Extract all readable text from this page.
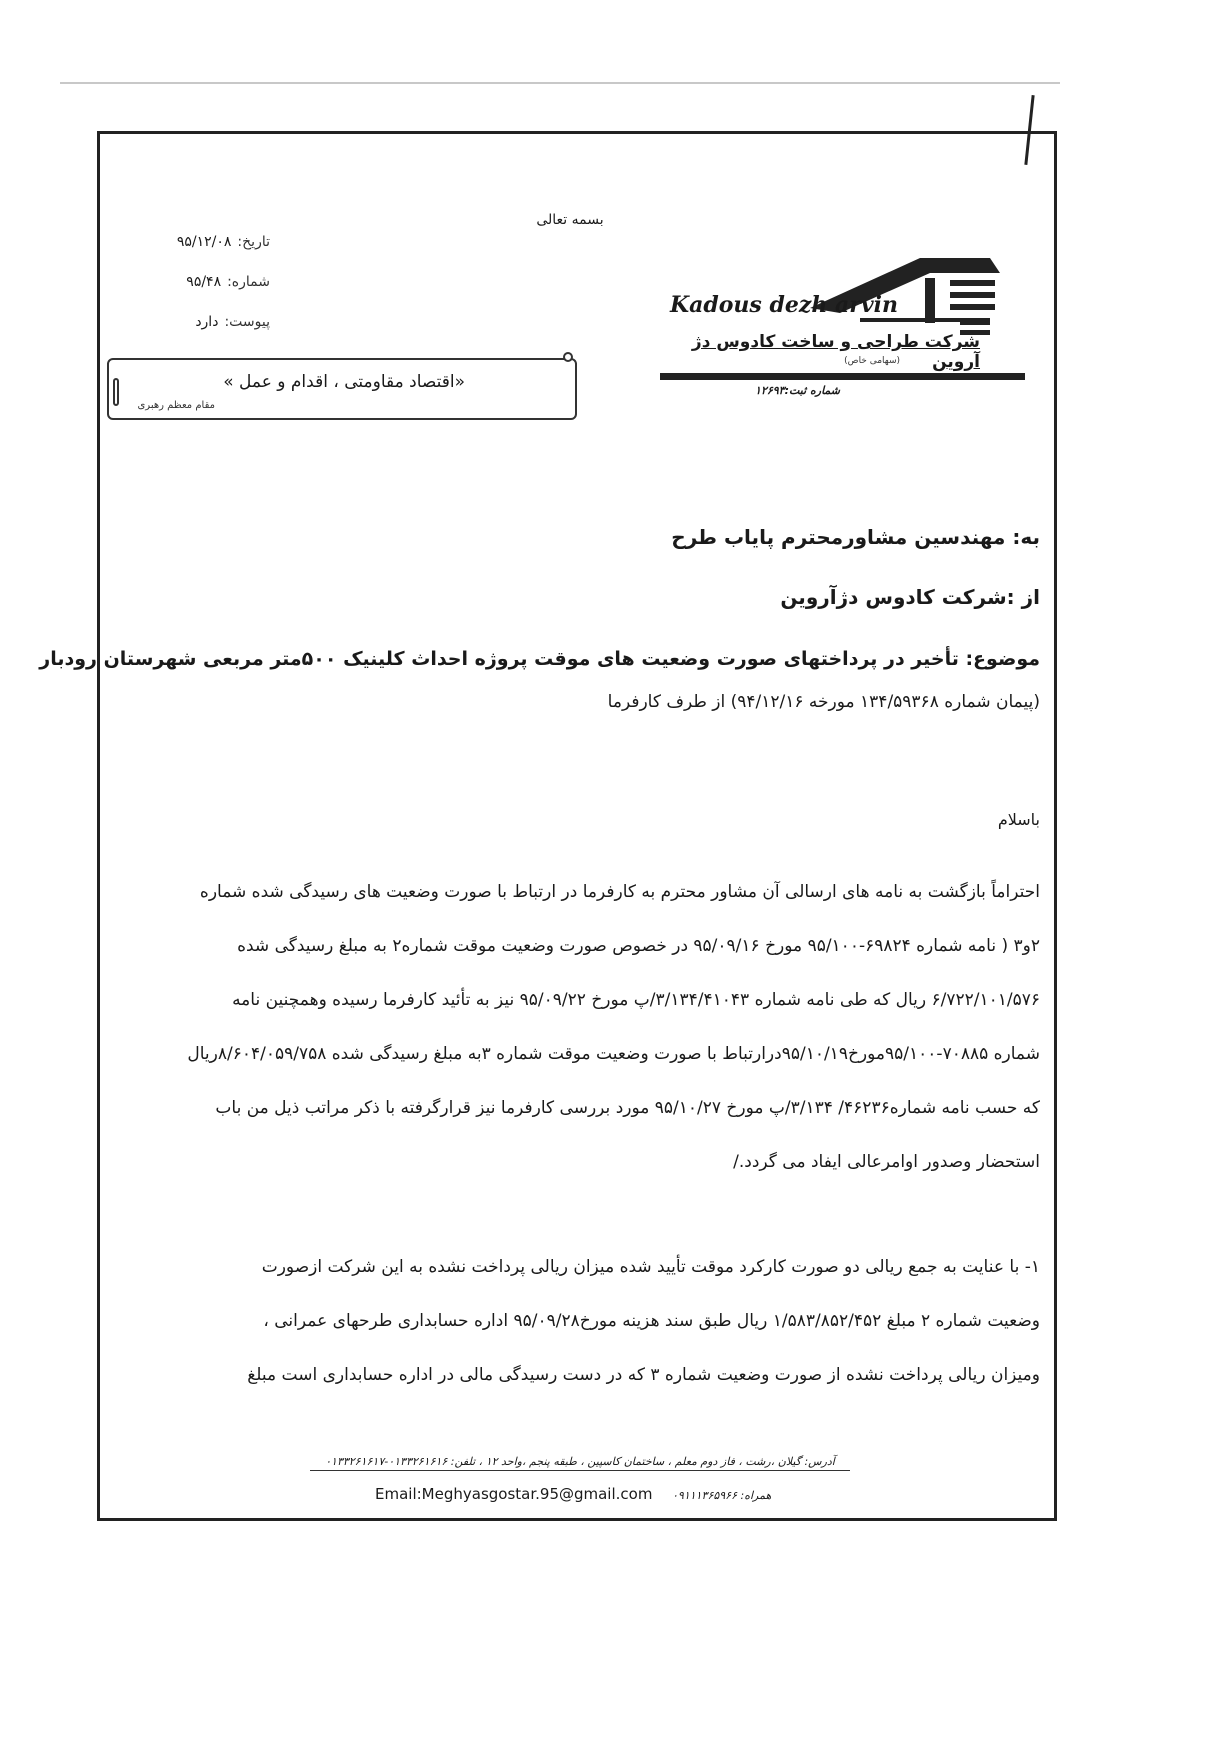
بسمه تعالی
تاریخ:
۹۵/۱۲/۰۸
شماره:
۹۵/۴۸
پیوست:
دارد
«اقتصاد مقاومتی ، اقدام و عمل »
مقام معظم رهبری
Kadous dezh arvin
شرکت طراحی و ساخت کادوس دژ آروین
(سهامی خاص)
شماره ثبت:۱۲۶۹۳
به: مهندسین مشاورمحترم پایاب طرح
از :شرکت کادوس دژآروین
موضوع: تأخیر در پرداختهای صورت وضعیت های موقت پروژه احداث کلینیک ۵۰۰متر مربعی شهرستان رودبار
(پیمان شماره ۱۳۴/۵۹۳۶۸ مورخه ۹۴/۱۲/۱۶) از طرف کارفرما
باسلام

احتراماً بازگشت به نامه های ارسالی آن مشاور محترم به کارفرما در ارتباط با صورت وضعیت های رسیدگی شده شماره

۲و۳ ( نامه شماره ۶۹۸۲۴-۹۵/۱۰۰ مورخ ۹۵/۰۹/۱۶ در خصوص صورت وضعیت موقت شماره۲ به مبلغ رسیدگی شده

۶/۷۲۲/۱۰۱/۵۷۶ ریال که طی نامه شماره ۳/۱۳۴/۴۱۰۴۳/پ مورخ ۹۵/۰۹/۲۲ نیز به تأئید کارفرما رسیده وهمچنین نامه

شماره ۷۰۸۸۵-۹۵/۱۰۰مورخ۹۵/۱۰/۱۹درارتباط با صورت وضعیت موقت شماره ۳به مبلغ رسیدگی شده ۸/۶۰۴/۰۵۹/۷۵۸ریال

که حسب نامه شماره۴۶۲۳۶/ ۳/۱۳۴/پ مورخ ۹۵/۱۰/۲۷ مورد بررسی کارفرما نیز قرارگرفته با ذکر مراتب ذیل من باب

استحضار وصدور اوامرعالی ایفاد می گردد./

۱- با عنایت به جمع ریالی دو صورت کارکرد موقت تأیید شده میزان ریالی پرداخت نشده به این شرکت ازصورت

وضعیت شماره ۲ مبلغ ۱/۵۸۳/۸۵۲/۴۵۲ ریال طبق سند هزینه مورخ۹۵/۰۹/۲۸ اداره حسابداری طرحهای عمرانی ،

ومیزان ریالی پرداخت نشده از صورت وضعیت شماره ۳ که در دست رسیدگی مالی در اداره حسابداری است مبلغ

آدرس: گیلان ،رشت ، فاز دوم معلم ، ساختمان کاسپین ، طبقه پنجم ،واحد ۱۲ ، تلفن: ۰۱۳۳۲۶۱۶۱۶-۰۱۳۳۲۶۱۶۱۷
Email:Meghyasgostar.95@gmail.com همراه: ۰۹۱۱۱۳۶۵۹۶۶
